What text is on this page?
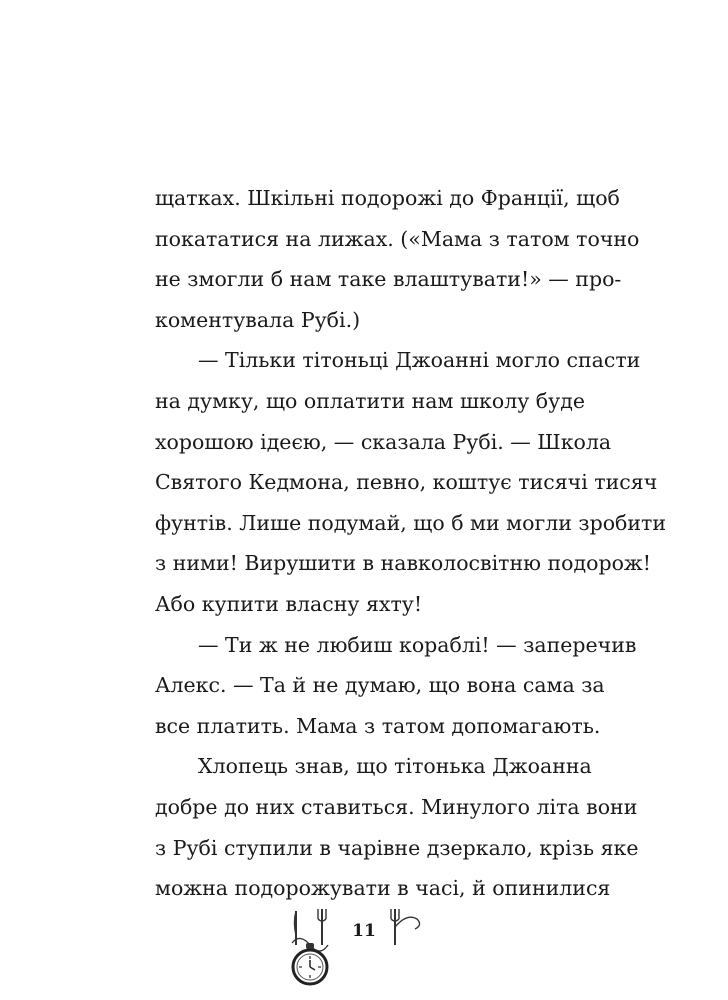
щатках. Шкільні подорожі до Франції, щоб
покататися на лижах. («Мама з татом точно
не змогли б нам таке влаштувати!» — про-
коментувала Рубі.)
— Тільки тітоньці Джоанні могло спасти
на думку, що оплатити нам школу буде
хорошою ідеєю, — сказала Рубі. — Школа
Святого Кедмона, певно, коштує тисячі тисяч
фунтів. Лише подумай, що б ми могли зробити
з ними! Вирушити в навколосвітню подорож!
Або купити власну яхту!
— Ти ж не любиш кораблі! — заперечив
Алекс. — Та й не думаю, що вона сама за
все платить. Мама з татом допомагають.
Хлопець знав, що тітонька Джоанна
добре до них ставиться. Минулого літа вони
з Рубі ступили в чарівне дзеркало, крізь яке
можна подорожувати в часі, й опинилися
11
